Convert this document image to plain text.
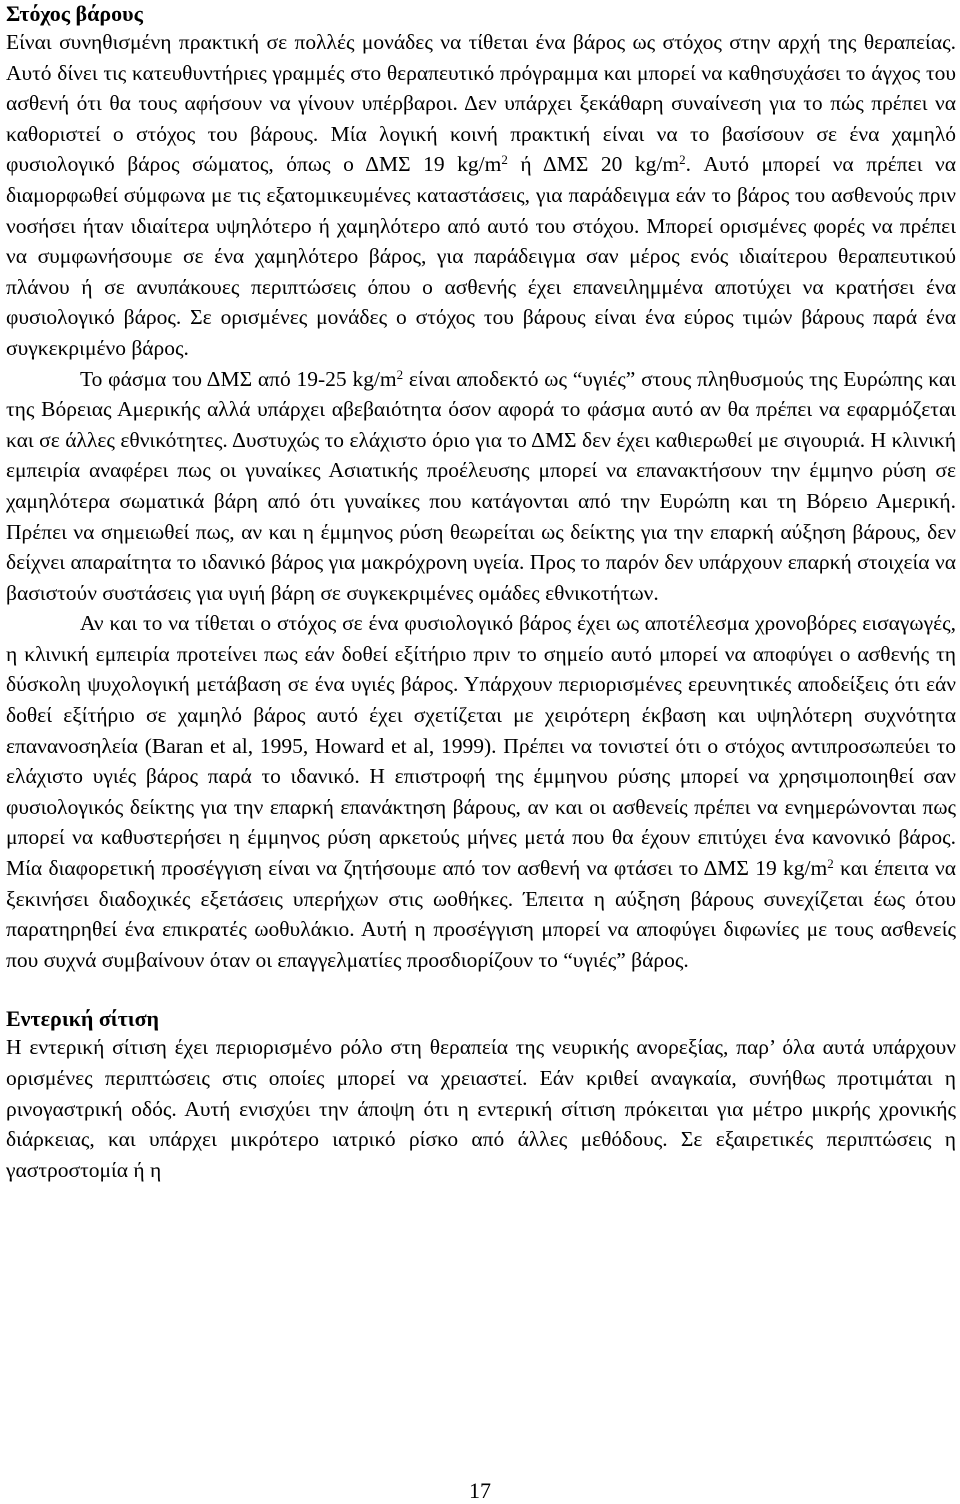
Στόχος βάρους

Είναι συνηθισμένη πρακτική σε πολλές μονάδες να τίθεται ένα βάρος ως στόχος στην αρχή της θεραπείας. Αυτό δίνει τις κατευθυντήριες γραμμές στο θεραπευτικό πρόγραμμα και μπορεί να καθησυχάσει το άγχος του ασθενή ότι θα τους αφήσουν να γίνουν υπέρβαροι. Δεν υπάρχει ξεκάθαρη συναίνεση για το πώς πρέπει να καθοριστεί ο στόχος του βάρους. Μία λογική κοινή πρακτική είναι να το βασίσουν σε ένα χαμηλό φυσιολογικό βάρος σώματος, όπως ο ΔΜΣ 19 $kg/m^2$ ή ΔΜΣ 20 $kg/m^2$. Αυτό μπορεί να πρέπει να διαμορφωθεί σύμφωνα με τις εξατομικευμένες καταστάσεις, για παράδειγμα εάν το βάρος του ασθενούς πριν νοσήσει ήταν ιδιαίτερα υψηλότερο ή χαμηλότερο από αυτό του στόχου. Μπορεί ορισμένες φορές να πρέπει να συμφωνήσουμε σε ένα χαμηλότερο βάρος, για παράδειγμα σαν μέρος ενός ιδιαίτερου θεραπευτικού πλάνου ή σε ανυπάκουες περιπτώσεις όπου ο ασθενής έχει επανειλημμένα αποτύχει να κρατήσει ένα φυσιολογικό βάρος. Σε ορισμένες μονάδες ο στόχος του βάρους είναι ένα εύρος τιμών βάρους παρά ένα συγκεκριμένο βάρος.

Το φάσμα του ΔΜΣ από 19-25 $kg/m^2$ είναι αποδεκτό ως “υγιές” στους πληθυσμούς της Ευρώπης και της Βόρειας Αμερικής αλλά υπάρχει αβεβαιότητα όσον αφορά το φάσμα αυτό αν θα πρέπει να εφαρμόζεται και σε άλλες εθνικότητες. Δυστυχώς το ελάχιστο όριο για το ΔΜΣ δεν έχει καθιερωθεί με σιγουριά. Η κλινική εμπειρία αναφέρει πως οι γυναίκες Ασιατικής προέλευσης μπορεί να επανακτήσουν την έμμηνο ρύση σε χαμηλότερα σωματικά βάρη από ότι γυναίκες που κατάγονται από την Ευρώπη και τη Βόρειο Αμερική. Πρέπει να σημειωθεί πως, αν και η έμμηνος ρύση θεωρείται ως δείκτης για την επαρκή αύξηση βάρους, δεν δείχνει απαραίτητα το ιδανικό βάρος για μακρόχρονη υγεία. Προς το παρόν δεν υπάρχουν επαρκή στοιχεία να βασιστούν συστάσεις για υγιή βάρη σε συγκεκριμένες ομάδες εθνικοτήτων.

Αν και το να τίθεται ο στόχος σε ένα φυσιολογικό βάρος έχει ως αποτέλεσμα χρονοβόρες εισαγωγές, η κλινική εμπειρία προτείνει πως εάν δοθεί εξίτήριο πριν το σημείο αυτό μπορεί να αποφύγει ο ασθενής τη δύσκολη ψυχολογική μετάβαση σε ένα υγιές βάρος. Υπάρχουν περιορισμένες ερευνητικές αποδείξεις ότι εάν δοθεί εξίτήριο σε χαμηλό βάρος αυτό έχει σχετίζεται με χειρότερη έκβαση και υψηλότερη συχνότητα επανανοσηλεία (Baran et al, 1995, Howard et al, 1999). Πρέπει να τονιστεί ότι ο στόχος αντιπροσωπεύει το ελάχιστο υγιές βάρος παρά το ιδανικό. Η επιστροφή της έμμηνου ρύσης μπορεί να χρησιμοποιηθεί σαν φυσιολογικός δείκτης για την επαρκή επανάκτηση βάρους, αν και οι ασθενείς πρέπει να ενημερώνονται πως μπορεί να καθυστερήσει η έμμηνος ρύση αρκετούς μήνες μετά που θα έχουν επιτύχει ένα κανονικό βάρος. Μία διαφορετική προσέγγιση είναι να ζητήσουμε από τον ασθενή να φτάσει το ΔΜΣ 19 $kg/m^2$ και έπειτα να ξεκινήσει διαδοχικές εξετάσεις υπερήχων στις ωοθήκες. Έπειτα η αύξηση βάρους συνεχίζεται έως ότου παρατηρηθεί ένα επικρατές ωοθυλάκιο. Αυτή η προσέγγιση μπορεί να αποφύγει διφωνίες με τους ασθενείς που συχνά συμβαίνουν όταν οι επαγγελματίες προσδιορίζουν το “υγιές” βάρος.

Εντερική σίτιση

Η εντερική σίτιση έχει περιορισμένο ρόλο στη θεραπεία της νευρικής ανορεξίας, παρ’ όλα αυτά υπάρχουν ορισμένες περιπτώσεις στις οποίες μπορεί να χρειαστεί. Εάν κριθεί αναγκαία, συνήθως προτιμάται η ρινογαστρική οδός. Αυτή ενισχύει την άποψη ότι η εντερική σίτιση πρόκειται για μέτρο μικρής χρονικής διάρκειας, και υπάρχει μικρότερο ιατρικό ρίσκο από άλλες μεθόδους. Σε εξαιρετικές περιπτώσεις η γαστροστομία ή η

17
